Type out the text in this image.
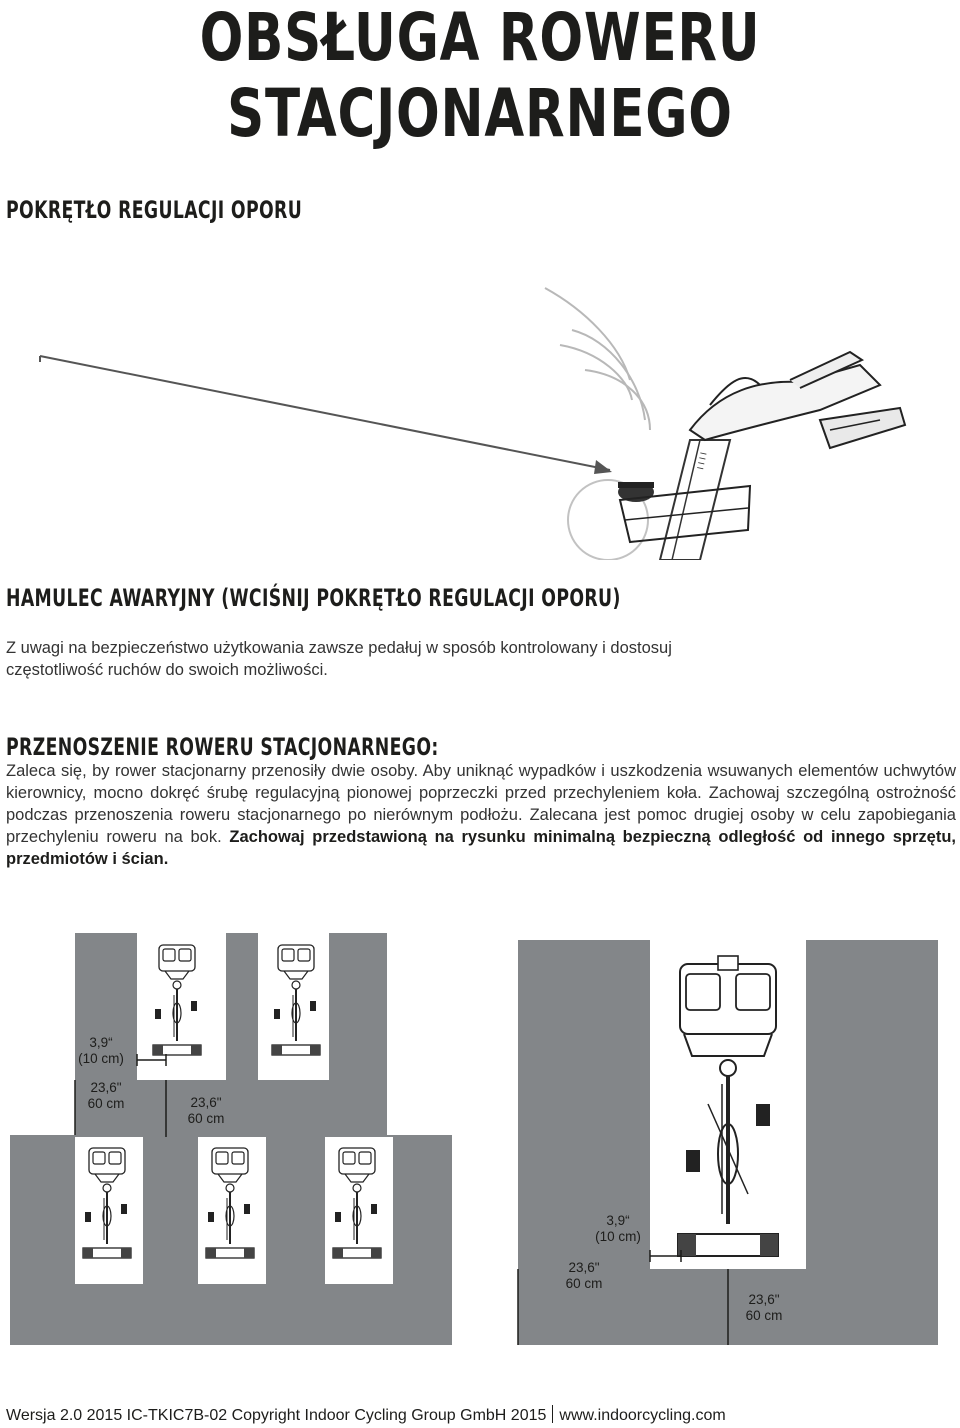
OBSŁUGA ROWERU
STACJONARNEGO
POKRĘTŁO REGULACJI OPORU
I I I I
HAMULEC AWARYJNY (WCIŚNIJ POKRĘTŁO REGULACJI OPORU)

Z uwagi na bezpieczeństwo użytkowania zawsze pedałuj w sposób kontrolowany i dostosuj
częstotliwość ruchów do swoich możliwości.

PRZENOSZENIE ROWERU STACJONARNEGO:

Zaleca się, by rower stacjonarny przenosiły dwie osoby. Aby uniknąć wypadków i uszkodzenia wsuwanych elementów uchwytów kierownicy, mocno dokręć śrubę regulacyjną pionowej poprzeczki przed przechyleniem koła. Zachowaj szczególną ostrożność podczas przenoszenia roweru stacjonarnego po nierównym podłożu. Zalecana jest pomoc drugiej osoby w celu zapobiegania przechyleniu roweru na bok. Zachowaj przedstawioną na rysunku minimalną bezpieczną odległość od innego sprzętu, przedmiotów i ścian.

3,9“
(10 cm)
23,6"
60 cm	23,6"
60 cm
3,9“
(10 cm)
23,6"
60 cm
23,6"
60 cm

Wersja 2.0 2015 IC-TKIC7B-02 Copyright Indoor Cycling Group GmbH 2015 www.indoorcycling.com
